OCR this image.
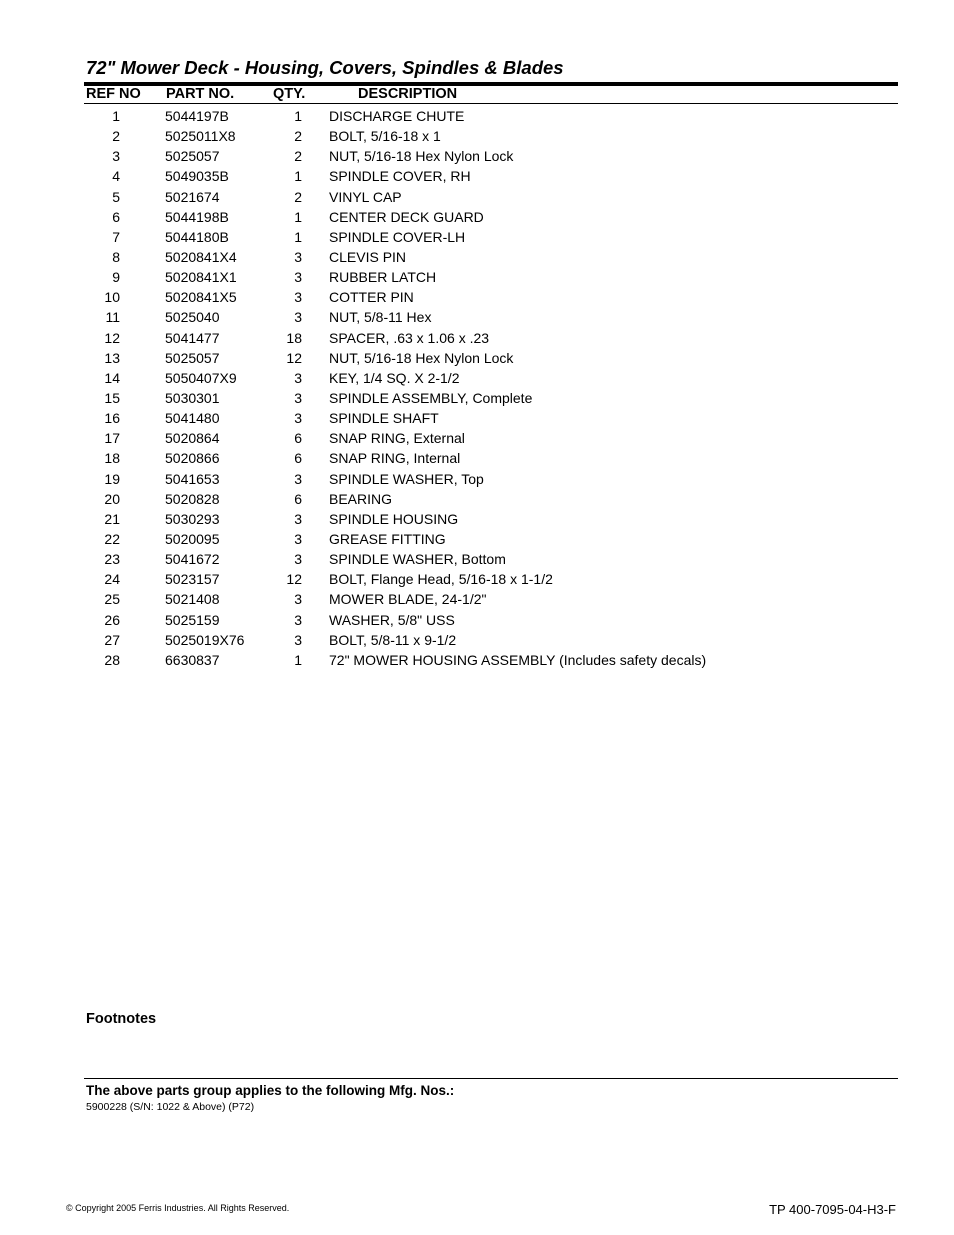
72" Mower Deck - Housing, Covers, Spindles & Blades
REF NO PART NO.	QTY.	DESCRIPTION
1	5044197B	1 DISCHARGE CHUTE
2	5025011X8	2 BOLT, 5/16-18 x 1
3	5025057	2 NUT, 5/16-18 Hex Nylon Lock
4	5049035B	1 SPINDLE COVER, RH
5	5021674	2 VINYL CAP
6	5044198B	1 CENTER DECK GUARD
7	5044180B	1 SPINDLE COVER-LH
8	5020841X4	3 CLEVIS PIN
9	5020841X1	3 RUBBER LATCH
10	5020841X5	3 COTTER PIN
11	5025040	3 NUT, 5/8-11 Hex
12	5041477	18 SPACER, .63 x 1.06 x .23
13	5025057	12 NUT, 5/16-18 Hex Nylon Lock
14	5050407X9	3 KEY, 1/4 SQ. X 2-1/2
15	5030301	3 SPINDLE ASSEMBLY, Complete
16	5041480	3 SPINDLE SHAFT
17	5020864	6 SNAP RING, External
18	5020866	6 SNAP RING, Internal
19	5041653	3 SPINDLE WASHER, Top
20	5020828	6 BEARING
21	5030293	3 SPINDLE HOUSING
22	5020095	3 GREASE FITTING
23	5041672	3 SPINDLE WASHER, Bottom
24	5023157	12 BOLT, Flange Head, 5/16-18 x 1-1/2
25	5021408	3 MOWER BLADE, 24-1/2"
26	5025159	3 WASHER, 5/8" USS
27	5025019X76	3 BOLT, 5/8-11 x 9-1/2
28	6630837	1 72" MOWER HOUSING ASSEMBLY (Includes safety decals)
Footnotes
The above parts group applies to the following Mfg. Nos.:
5900228 (S/N: 1022 & Above) (P72)
© Copyright 2005 Ferris Industries. All Rights Reserved.	TP 400-7095-04-H3-F
